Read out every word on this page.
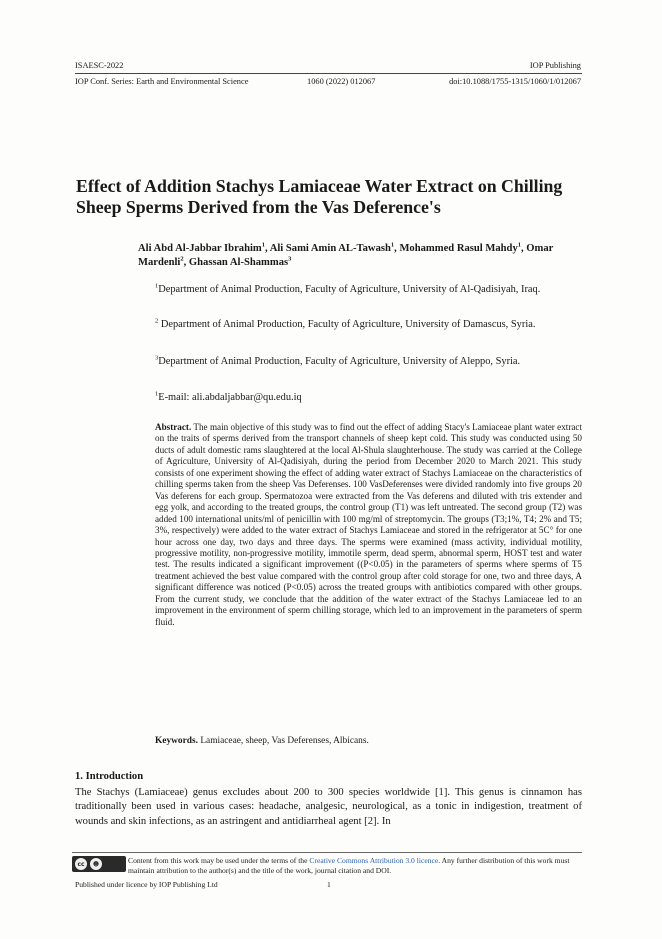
ISAESC-2022	IOP Publishing
IOP Conf. Series: Earth and Environmental Science	1060 (2022) 012067	doi:10.1088/1755-1315/1060/1/012067
Effect of Addition Stachys Lamiaceae Water Extract on Chilling Sheep Sperms Derived from the Vas Deference's
Ali Abd Al-Jabbar Ibrahim$^1$, Ali Sami Amin AL-Tawash$^1$, Mohammed Rasul Mahdy$^1$, Omar Mardenli$^2$, Ghassan Al-Shammas$^3$
$^1$Department of Animal Production, Faculty of Agriculture, University of Al-Qadisiyah, Iraq.
$^2$ Department of Animal Production, Faculty of Agriculture, University of Damascus, Syria.
$^3$Department of Animal Production, Faculty of Agriculture, University of Aleppo, Syria.
$^1$E-mail: ali.abdaljabbar@qu.edu.iq
Abstract. The main objective of this study was to find out the effect of adding Stacy's Lamiaceae plant water extract on the traits of sperms derived from the transport channels of sheep kept cold. This study was conducted using 50 ducts of adult domestic rams slaughtered at the local Al-Shula slaughterhouse. The study was carried at the College of Agriculture, University of Al-Qadisiyah, during the period from December 2020 to March 2021. This study consists of one experiment showing the effect of adding water extract of Stachys Lamiaceae on the characteristics of chilling sperms taken from the sheep Vas Deferenses. 100 VasDeferenses were divided randomly into five groups 20 Vas deferens for each group. Spermatozoa were extracted from the Vas deferens and diluted with tris extender and egg yolk, and according to the treated groups, the control group (T1) was left untreated. The second group (T2) was added 100 international units/ml of penicillin with 100 mg/ml of streptomycin. The groups (T3;1%, T4; 2% and T5; 3%, respectively) were added to the water extract of Stachys Lamiaceae and stored in the refrigerator at 5C° for one hour across one day, two days and three days. The sperms were examined (mass activity, individual motility, progressive motility, non-progressive motility, immotile sperm, dead sperm, abnormal sperm, HOST test and water test. The results indicated a significant improvement ((P<0.05) in the parameters of sperms where sperms of T5 treatment achieved the best value compared with the control group after cold storage for one, two and three days, A significant difference was noticed (P<0.05) across the treated groups with antibiotics compared with other groups. From the current study, we conclude that the addition of the water extract of the Stachys Lamiaceae led to an improvement in the environment of sperm chilling storage, which led to an improvement in the parameters of sperm fluid.
Keywords. Lamiaceae, sheep, Vas Deferenses, Albicans.
1. Introduction
The Stachys (Lamiaceae) genus excludes about 200 to 300 species worldwide [1]. This genus is cinnamon has traditionally been used in various cases: headache, analgesic, neurological, as a tonic in indigestion, treatment of wounds and skin infections, as an astringent and antidiarrheal agent [2]. In
cc	☻	Content from this work may be used under the terms of the Creative Commons Attribution 3.0 licence. Any further distribution of this work must maintain attribution to the author(s) and the title of the work, journal citation and DOI.
Published under licence by IOP Publishing Ltd	1
